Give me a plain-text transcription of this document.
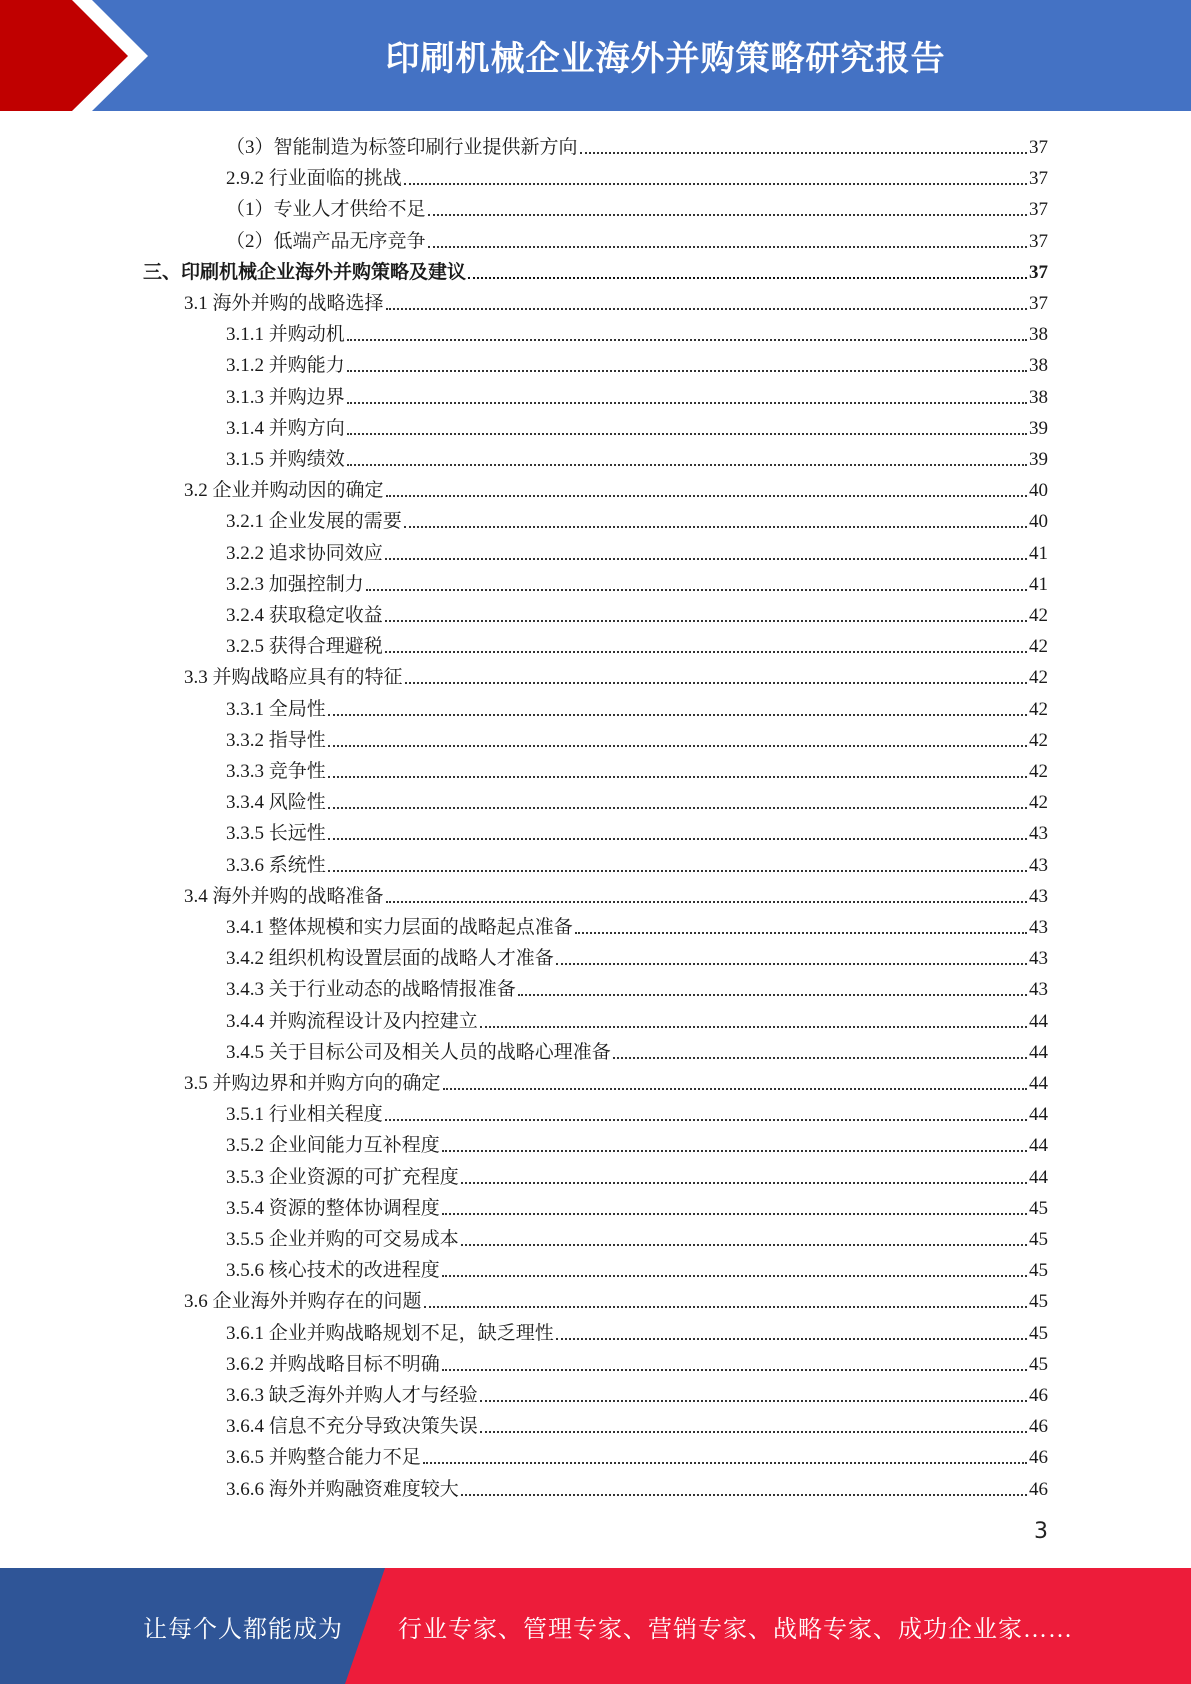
印刷机械企业海外并购策略研究报告
（3）智能制造为标签印刷行业提供新方向	37
2.9.2 行业面临的挑战	37
（1）专业人才供给不足	37
（2）低端产品无序竞争	37
三、印刷机械企业海外并购策略及建议	37
3.1 海外并购的战略选择	37
3.1.1 并购动机	38
3.1.2 并购能力	38
3.1.3 并购边界	38
3.1.4 并购方向	39
3.1.5 并购绩效	39
3.2 企业并购动因的确定	40
3.2.1 企业发展的需要	40
3.2.2 追求协同效应	41
3.2.3 加强控制力	41
3.2.4 获取稳定收益	42
3.2.5 获得合理避税	42
3.3 并购战略应具有的特征	42
3.3.1 全局性	42
3.3.2 指导性	42
3.3.3 竞争性	42
3.3.4 风险性	42
3.3.5 长远性	43
3.3.6 系统性	43
3.4 海外并购的战略准备	43
3.4.1 整体规模和实力层面的战略起点准备	43
3.4.2 组织机构设置层面的战略人才准备	43
3.4.3 关于行业动态的战略情报准备	43
3.4.4 并购流程设计及内控建立	44
3.4.5 关于目标公司及相关人员的战略心理准备	44
3.5 并购边界和并购方向的确定	44
3.5.1 行业相关程度	44
3.5.2 企业间能力互补程度	44
3.5.3 企业资源的可扩充程度	44
3.5.4 资源的整体协调程度	45
3.5.5 企业并购的可交易成本	45
3.5.6 核心技术的改进程度	45
3.6 企业海外并购存在的问题	45
3.6.1 企业并购战略规划不足，缺乏理性	45
3.6.2 并购战略目标不明确	45
3.6.3 缺乏海外并购人才与经验	46
3.6.4 信息不充分导致决策失误	46
3.6.5 并购整合能力不足	46
3.6.6 海外并购融资难度较大	46
3
让每个人都能成为 行业专家、管理专家、营销专家、战略专家、成功企业家……
